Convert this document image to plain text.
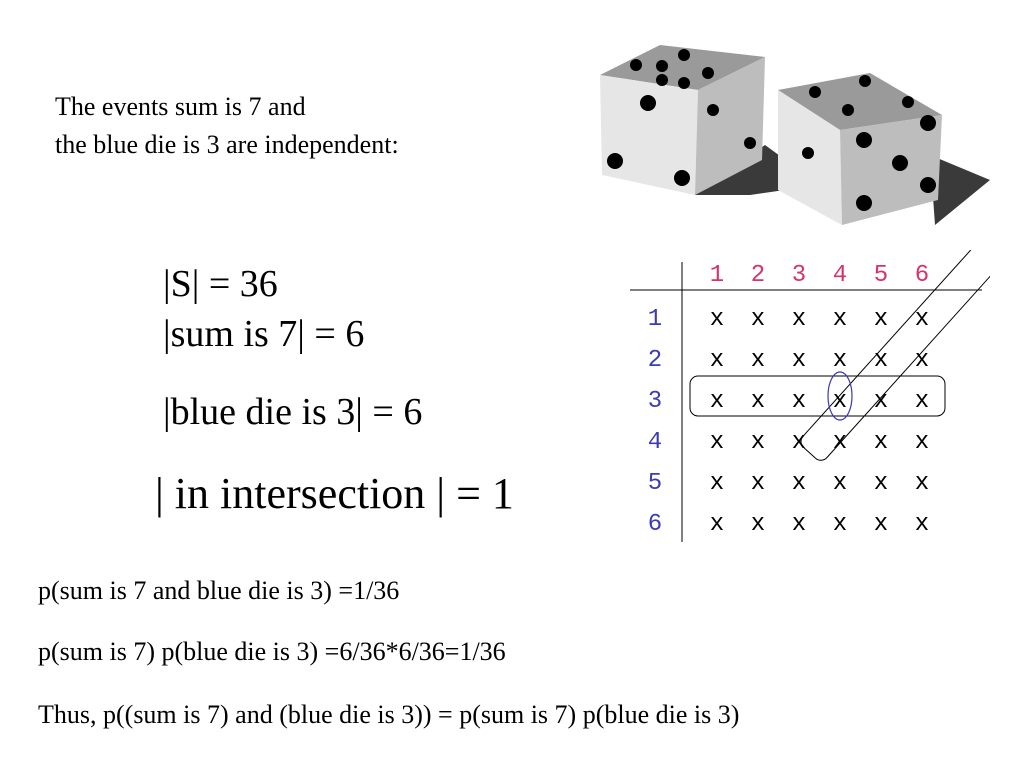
The events sum is 7 and
the blue die is 3 are independent:
|S| = 36
|sum is 7| = 6
|blue die is 3| = 6
| in intersection | = 1
1 2 3 4 5 6
1 x x x x x x
2 x x x x x x
3 x x x x x x
4 x x x x x x
5 x x x x x x
6 x x x x x x
p(sum is 7 and blue die is 3) =1/36
p(sum is 7) p(blue die is 3) =6/36*6/36=1/36
Thus, p((sum is 7) and (blue die is 3)) = p(sum is 7) p(blue die is 3)
